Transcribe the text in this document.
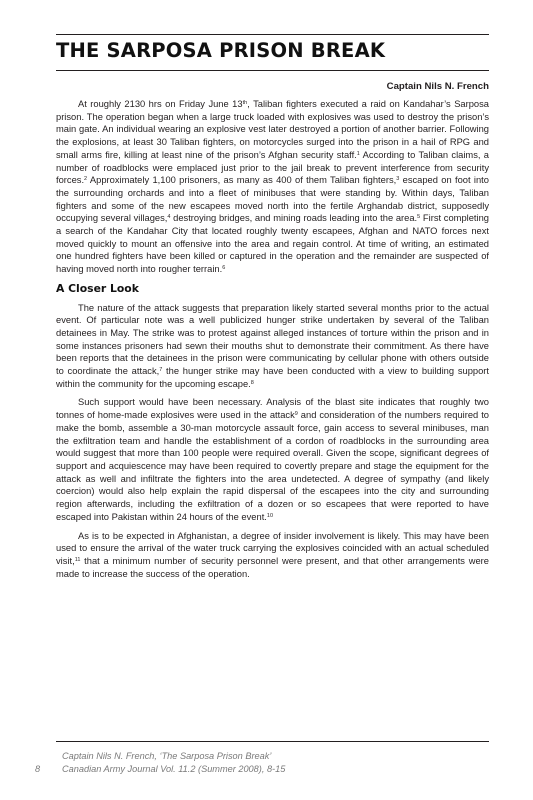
THE SARPOSA PRISON BREAK
Captain Nils N. French

At roughly 2130 hrs on Friday June 13th, Taliban fighters executed a raid on Kandahar’s Sarposa prison. The operation began when a large truck loaded with explosives was used to destroy the prison’s main gate. An individual wearing an explosive vest later destroyed a portion of another barrier. Following the explosions, at least 30 Taliban fighters, on motorcycles surged into the prison in a hail of RPG and small arms fire, killing at least nine of the prison’s Afghan security staff.$^1$ According to Taliban claims, a number of roadblocks were emplaced just prior to the jail break to prevent interference from security forces.$^2$ Approximately 1,100 prisoners, as many as 400 of them Taliban fighters,$^3$ escaped on foot into the surrounding orchards and into a fleet of minibuses that were standing by. Within days, Taliban fighters and some of the new escapees moved north into the fertile Arghandab district, supposedly occupying several villages,$^4$ destroying bridges, and mining roads leading into the area.$^5$ First completing a search of the Kandahar City that located roughly twenty escapees, Afghan and NATO forces next moved quickly to mount an offensive into the area and regain control. At time of writing, an estimated one hundred fighters have been killed or captured in the operation and the remainder are suspected of having moved north into rougher terrain.$^6$

A Closer Look

The nature of the attack suggests that preparation likely started several months prior to the actual event. Of particular note was a well publicized hunger strike undertaken by several of the Taliban detainees in May. The strike was to protest against alleged instances of torture within the prison and in some instances prisoners had sewn their mouths shut to demonstrate their commitment. As there have been reports that the detainees in the prison were communicating by cellular phone with others outside to coordinate the attack,$^7$ the hunger strike may have been conducted with a view to building support within the community for the upcoming escape.$^8$

Such support would have been necessary. Analysis of the blast site indicates that roughly two tonnes of home-made explosives were used in the attack$^9$ and consideration of the numbers required to make the bomb, assemble a 30-man motorcycle assault force, gain access to several minibuses, man the exfiltration team and handle the establishment of a cordon of roadblocks in the surrounding area would suggest that more than 100 people were required overall. Given the scope, significant degrees of support and acquiescence may have been required to covertly prepare and stage the equipment for the attack as well and infiltrate the fighters into the area undetected. A degree of sympathy (and likely coercion) would also help explain the rapid dispersal of the escapees into the city and surrounding region afterwards, including the exfiltration of a dozen or so escapees that were reported to have escaped into Pakistan within 24 hours of the event.$^{10}$

As is to be expected in Afghanistan, a degree of insider involvement is likely. This may have been used to ensure the arrival of the water truck carrying the explosives coincided with an actual scheduled visit,$^{11}$ that a minimum number of security personnel were present, and that other arrangements were made to increase the success of the operation.

Captain Nils N. French, ‘The Sarposa Prison Break’
Canadian Army Journal Vol. 11.2 (Summer 2008), 8-15
8
